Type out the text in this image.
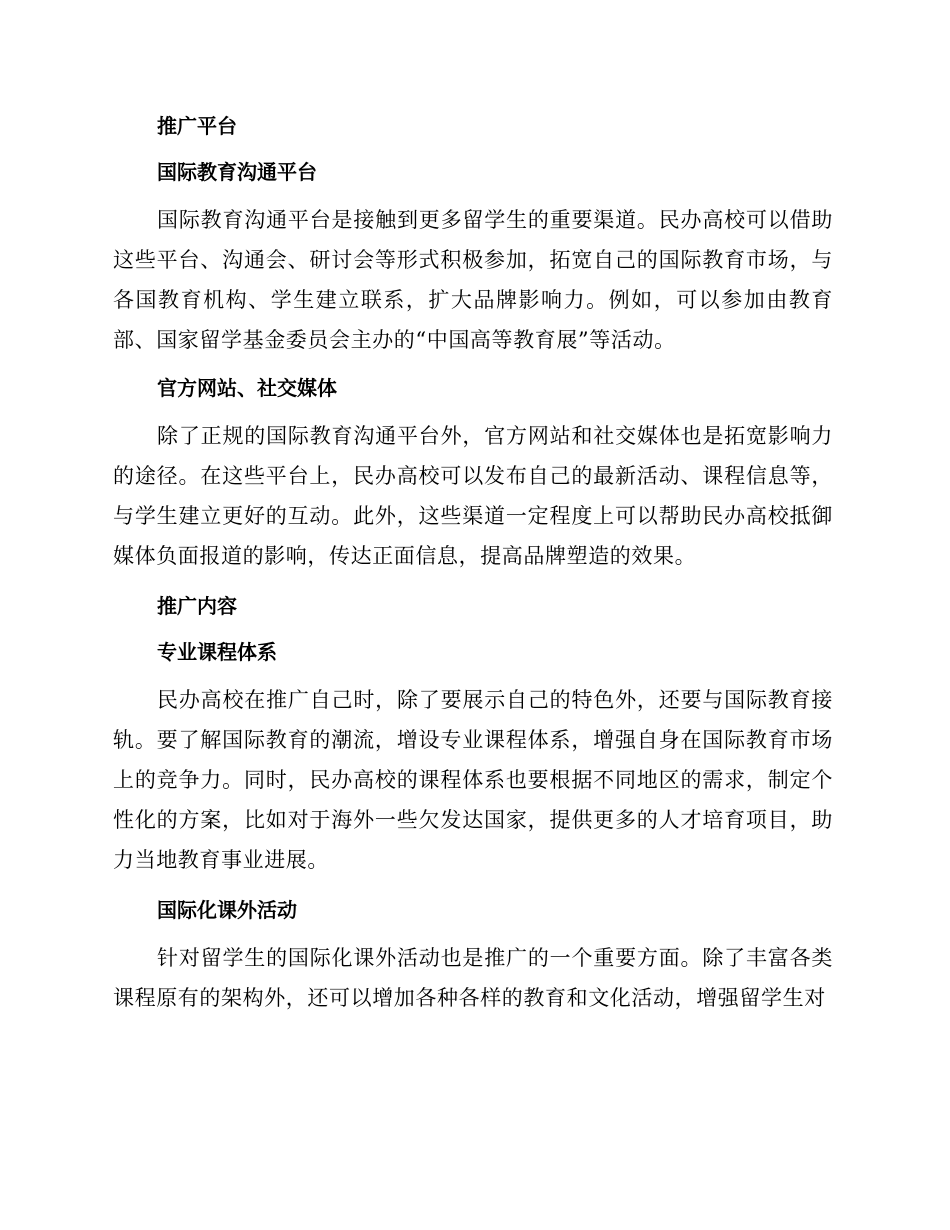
推广平台

国际教育沟通平台

国际教育沟通平台是接触到更多留学生的重要渠道。民办高校可以借助这些平台、沟通会、研讨会等形式积极参加，拓宽自己的国际教育市场，与各国教育机构、学生建立联系，扩大品牌影响力。例如，可以参加由教育部、国家留学基金委员会主办的“中国高等教育展”等活动。

官方网站、社交媒体

除了正规的国际教育沟通平台外，官方网站和社交媒体也是拓宽影响力的途径。在这些平台上，民办高校可以发布自己的最新活动、课程信息等，与学生建立更好的互动。此外，这些渠道一定程度上可以帮助民办高校抵御媒体负面报道的影响，传达正面信息，提高品牌塑造的效果。

推广内容

专业课程体系

民办高校在推广自己时，除了要展示自己的特色外，还要与国际教育接轨。要了解国际教育的潮流，增设专业课程体系，增强自身在国际教育市场上的竞争力。同时，民办高校的课程体系也要根据不同地区的需求，制定个性化的方案，比如对于海外一些欠发达国家，提供更多的人才培育项目，助力当地教育事业进展。

国际化课外活动

针对留学生的国际化课外活动也是推广的一个重要方面。除了丰富各类课程原有的架构外，还可以增加各种各样的教育和文化活动，增强留学生对
